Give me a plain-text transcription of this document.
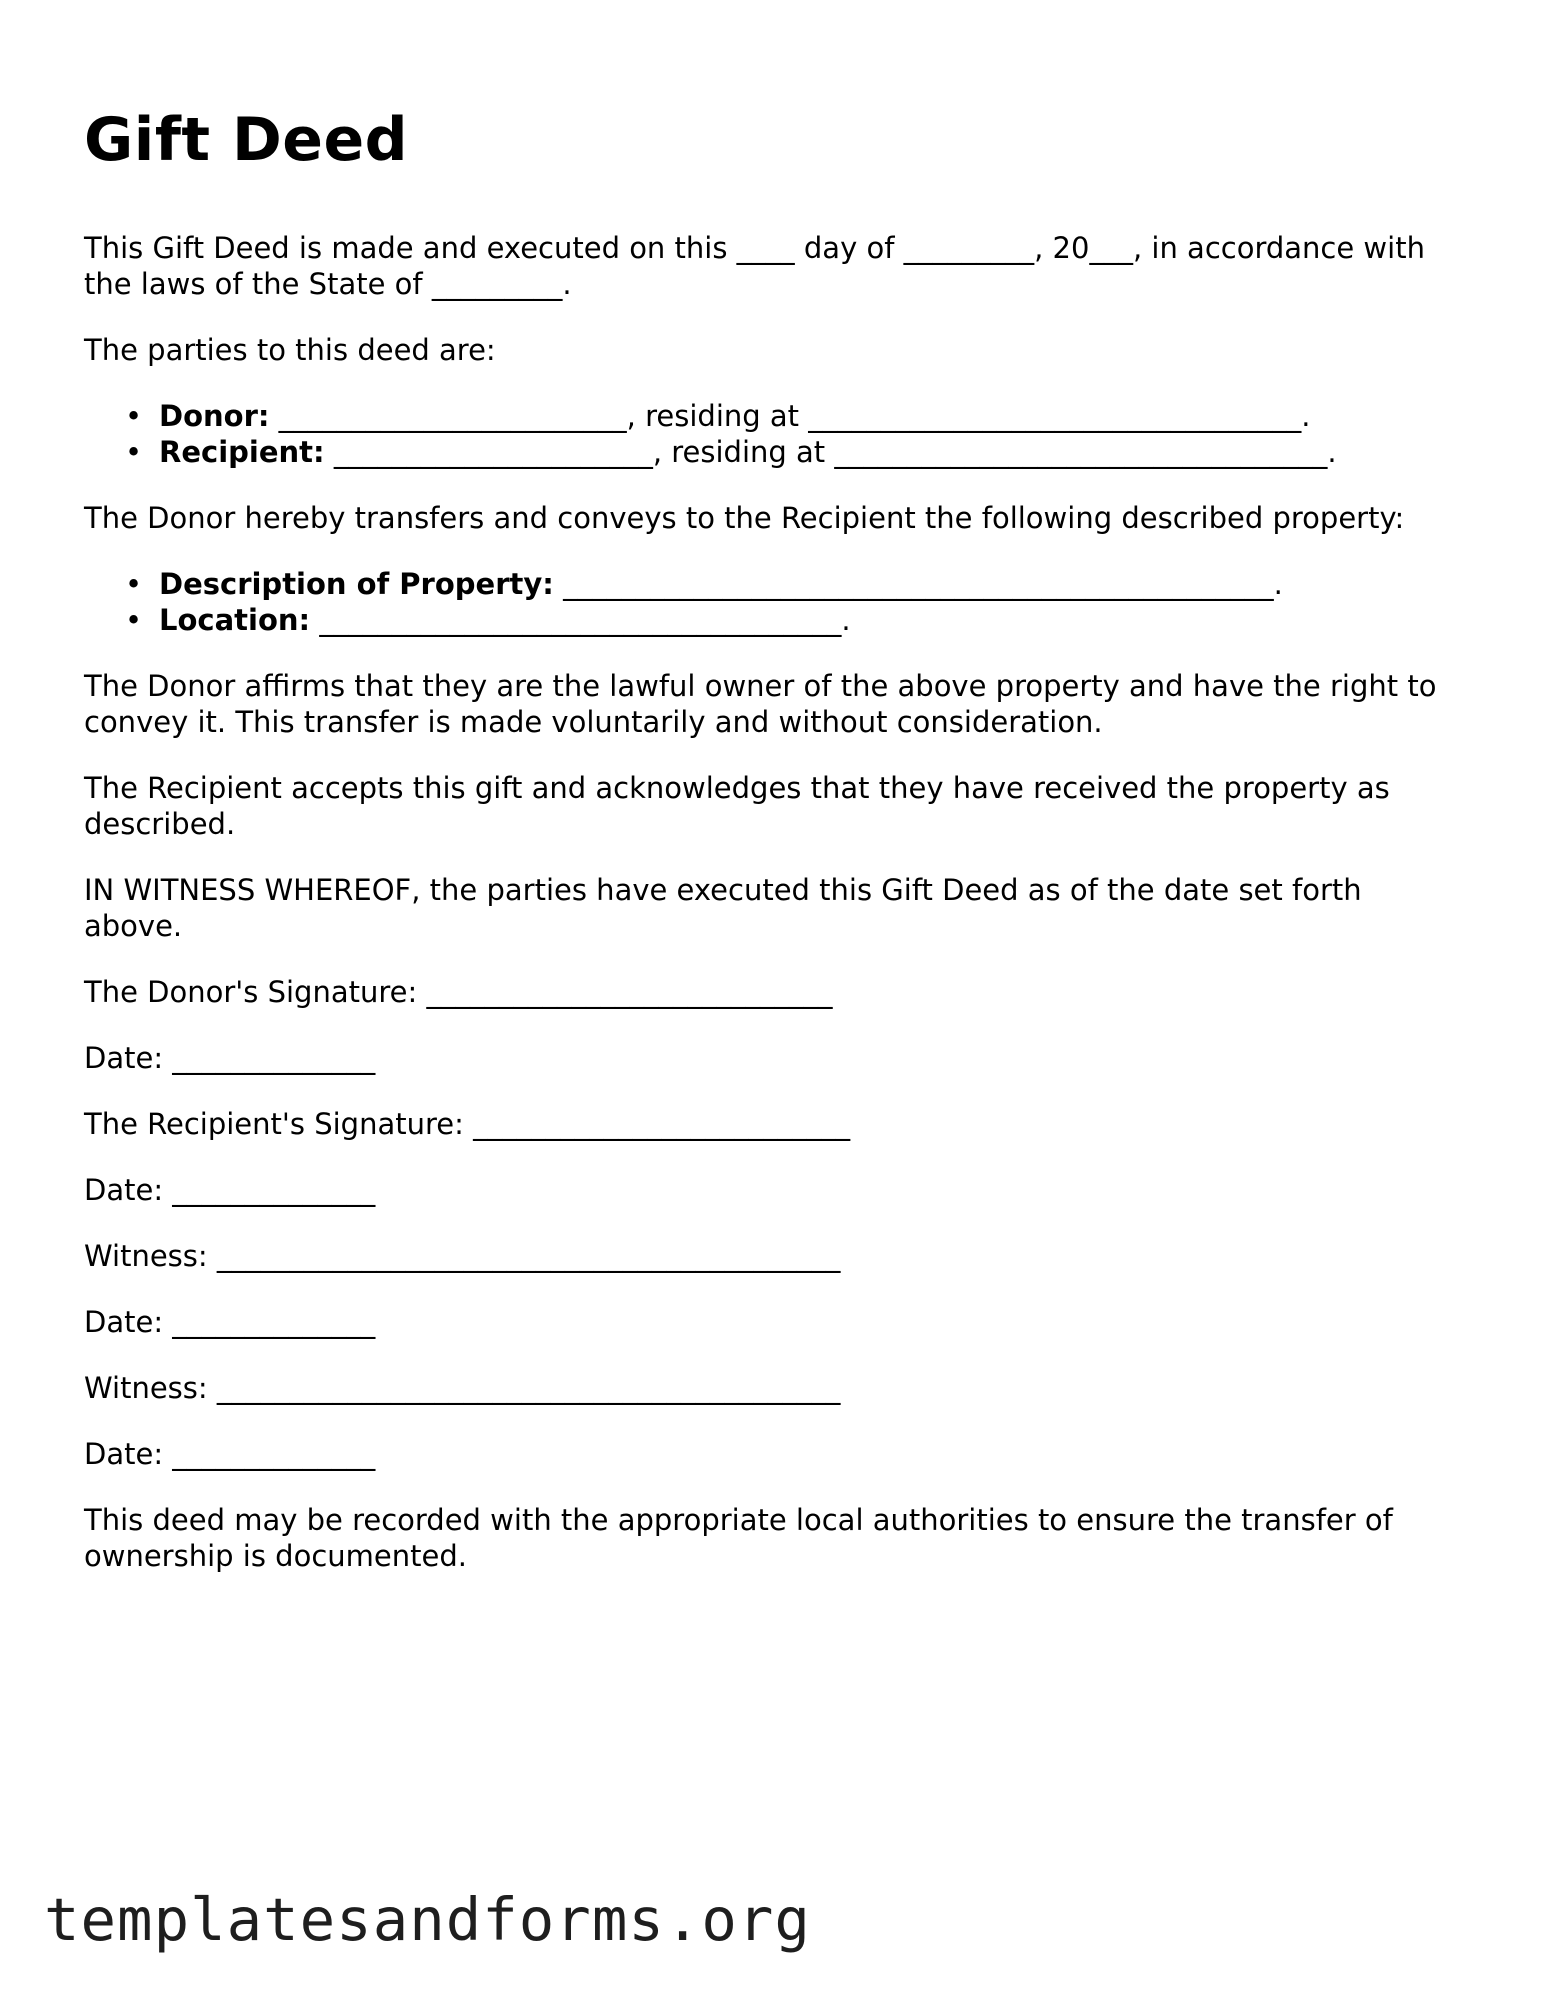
Gift Deed

This Gift Deed is made and executed on this ____ day of _________, 20___, in accordance with the laws of the State of _________.

The parties to this deed are:

• Donor: ________________________, residing at __________________________________.
• Recipient: ______________________, residing at __________________________________.

The Donor hereby transfers and conveys to the Recipient the following described property:

• Description of Property: _________________________________________________.
• Location: ____________________________________.

The Donor affirms that they are the lawful owner of the above property and have the right to convey it. This transfer is made voluntarily and without consideration.

The Recipient accepts this gift and acknowledges that they have received the property as described.

IN WITNESS WHEREOF, the parties have executed this Gift Deed as of the date set forth above.

The Donor's Signature: ____________________________

Date: ______________

The Recipient's Signature: __________________________

Date: ______________

Witness: ___________________________________________

Date: ______________

Witness: ___________________________________________

Date: ______________

This deed may be recorded with the appropriate local authorities to ensure the transfer of ownership is documented.

templatesandforms.org
